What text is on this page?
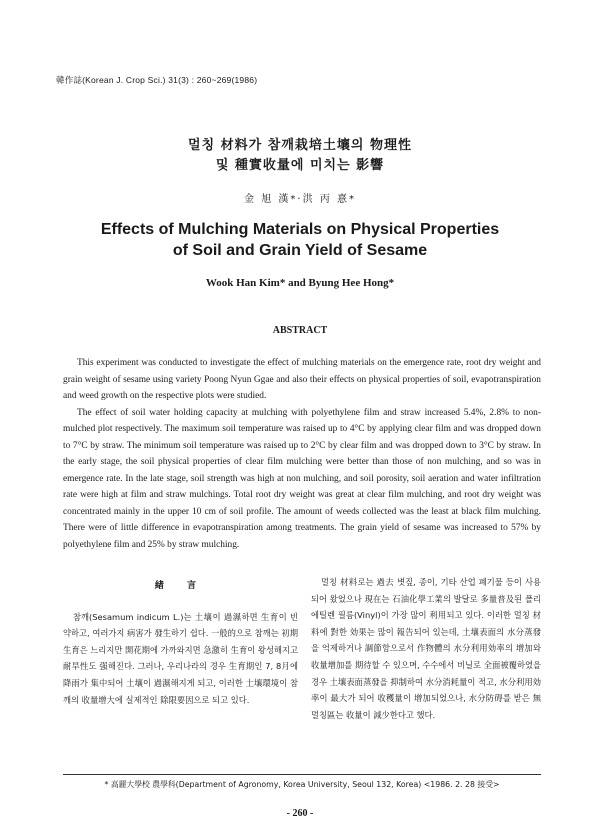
韓作誌(Korean J. Crop Sci.) 31(3) : 260~269(1986)
멀칭 材料가 참깨栽培土壤의 物理性
및 種實收量에 미치는 影響
金 旭 漢*·洪 丙 憙*
Effects of Mulching Materials on Physical Properties
of Soil and Grain Yield of Sesame
Wook Han Kim* and Byung Hee Hong*
ABSTRACT

This experiment was conducted to investigate the effect of mulching materials on the emergence rate, root dry weight and grain weight of sesame using variety Poong Nyun Ggae and also their effects on physical properties of soil, evapotranspiration and weed growth on the respective plots were studied.

The effect of soil water holding capacity at mulching with polyethylene film and straw increased 5.4%, 2.8% to non-mulched plot respectively. The maximum soil temperature was raised up to 4°C by applying clear film and was dropped down to 7°C by straw. The minimum soil temperature was raised up to 2°C by clear film and was dropped down to 3°C by straw. In the early stage, the soil physical properties of clear film mulching were better than those of non mulching, and so was in emergence rate. In the late stage, soil strength was high at non mulching, and soil porosity, soil aeration and water infiltration rate were high at film and straw mulchings. Total root dry weight was great at clear film mulching, and root dry weight was concentrated mainly in the upper 10 cm of soil profile. The amount of weeds collected was the least at black film mulching. There were of little difference in evapotranspiration among treatments. The grain yield of sesame was increased to 57% by polyethylene film and 25% by straw mulching.

緖 言

참깨(Sesamum indicum L.)는 土壤이 過濕하면 生育이 빈약하고, 여러가지 病害가 發生하기 쉽다. 一般的으로 참깨는 初期生育은 느리지만 開花期에 가까와지면 急激히 生育이 왕성해지고 耐旱性도 强해진다. 그러나, 우리나라의 경우 生育期인 7, 8月에 降雨가 集中되어 土壤이 過濕해지게 되고, 이러한 土壤環境이 참깨의 收量增大에 실제적인 除限要因으로 되고 있다.

멀칭 材料로는 過去 볏짚, 종이, 기타 산업 폐기물 등이 사용되어 왔었으나 現在는 石油化學工業의 발달로 多量普及된 폴리에틸렌 필름(Vinyl)이 가장 많이 利用되고 있다. 이러한 멀칭 材料에 對한 効果는 많이 報告되어 있는데, 土壤表面의 水分蒸發을 억제하거나 調節함으로서 作物體의 水分利用効率의 增加와 收量增加를 期待할 수 있으며, 수수에서 비닐로 全面被覆하였을 경우 土壤表面蒸發을 抑制하여 水分消耗量이 적고, 水分利用効率이 最大가 되어 收穫量이 增加되었으나, 水分防碍를 받은 無멀칭區는 收量이 減少한다고 했다.

* 高麗大學校 農學科(Department of Agronomy, Korea University, Seoul 132, Korea) <1986. 2. 28 接受>
- 260 -
